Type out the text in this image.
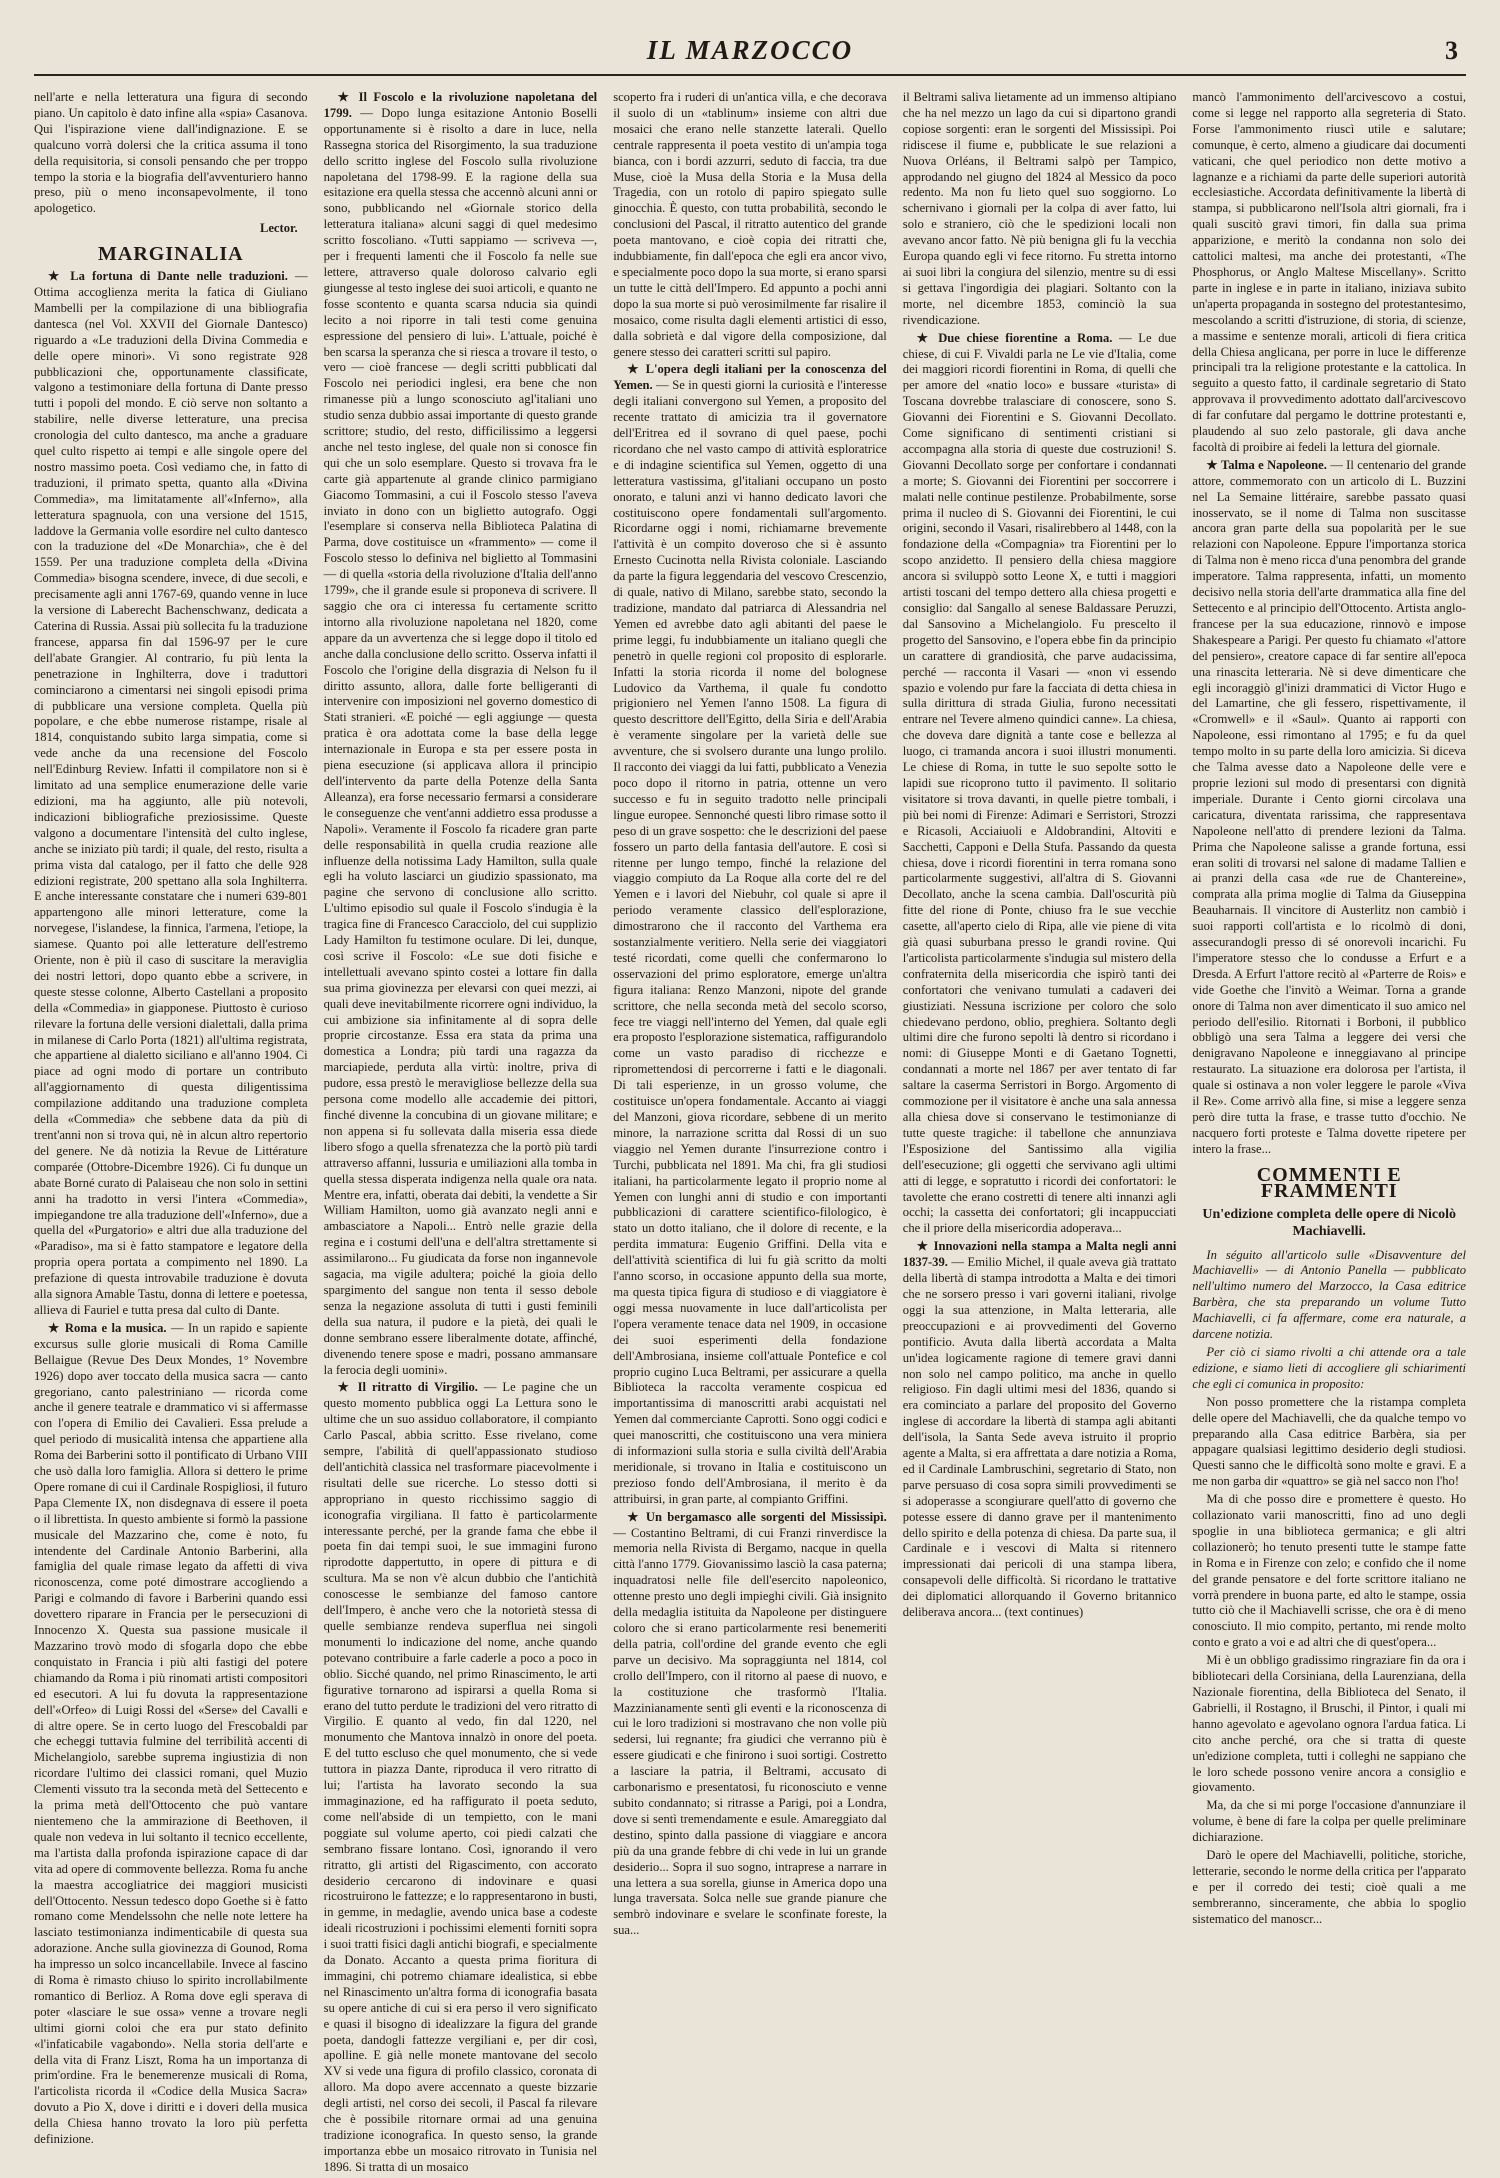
IL MARZOCCO	3

nell'arte e nella letteratura una figura di secondo piano. Un capitolo è dato infine alla «spia» Casanova. Qui l'ispirazione viene dall'indignazione. E se qualcuno vorrà dolersi che la critica assuma il tono della requisitoria, si consoli pensando che per troppo tempo la storia e la biografia dell'avventuriero hanno preso, più o meno inconsapevolmente, il tono apologetico.

Lector.
MARGINALIA

★ La fortuna di Dante nelle traduzioni. — Ottima accoglienza merita la fatica di Giuliano Mambelli per la compilazione di una bibliografia dantesca (nel Vol. XXVII del Giornale Dantesco) riguardo a «Le traduzioni della Divina Commedia e delle opere minori». Vi sono registrate 928 pubblicazioni che, opportunamente classificate, valgono a testimoniare della fortuna di Dante presso tutti i popoli del mondo. E ciò serve non soltanto a stabilire, nelle diverse letterature, una precisa cronologia del culto dantesco, ma anche a graduare quel culto rispetto ai tempi e alle singole opere del nostro massimo poeta. Così vediamo che, in fatto di traduzioni, il primato spetta, quanto alla «Divina Commedia», ma limitatamente all'«Inferno», alla letteratura spagnuola, con una versione del 1515, laddove la Germania volle esordire nel culto dantesco con la traduzione del «De Monarchia», che è del 1559. Per una traduzione completa della «Divina Commedia» bisogna scendere, invece, di due secoli, e precisamente agli anni 1767-69, quando venne in luce la versione di Laberecht Bachenschwanz, dedicata a Caterina di Russia. Assai più sollecita fu la traduzione francese, apparsa fin dal 1596-97 per le cure dell'abate Grangier. Al contrario, fu più lenta la penetrazione in Inghilterra, dove i traduttori cominciarono a cimentarsi nei singoli episodi prima di pubblicare una versione completa. Quella più popolare, e che ebbe numerose ristampe, risale al 1814, conquistando subito larga simpatia, come si vede anche da una recensione del Foscolo nell'Edinburg Review. Infatti il compilatore non si è limitato ad una semplice enumerazione delle varie edizioni, ma ha aggiunto, alle più notevoli, indicazioni bibliografiche preziosissime. Queste valgono a documentare l'intensità del culto inglese, anche se iniziato più tardi; il quale, del resto, risulta a prima vista dal catalogo, per il fatto che delle 928 edizioni registrate, 200 spettano alla sola Inghilterra. E anche interessante constatare che i numeri 639-801 appartengono alle minori letterature, come la norvegese, l'islandese, la finnica, l'armena, l'etiope, la siamese. Quanto poi alle letterature dell'estremo Oriente, non è più il caso di suscitare la meraviglia dei nostri lettori, dopo quanto ebbe a scrivere, in queste stesse colonne, Alberto Castellani a proposito della «Commedia» in giapponese. Piuttosto è curioso rilevare la fortuna delle versioni dialettali, dalla prima in milanese di Carlo Porta (1821) all'ultima registrata, che appartiene al dialetto siciliano e all'anno 1904. Ci piace ad ogni modo di portare un contributo all'aggiornamento di questa diligentissima compilazione additando una traduzione completa della «Commedia» che sebbene data da più di trent'anni non si trova qui, nè in alcun altro repertorio del genere. Ne dà notizia la Revue de Littérature comparée (Ottobre-Dicembre 1926). Ci fu dunque un abate Borné curato di Palaiseau che non solo in settini anni ha tradotto in versi l'intera «Commedia», impiegandone tre alla traduzione dell'«Inferno», due a quella del «Purgatorio» e altri due alla traduzione del «Paradiso», ma si è fatto stampatore e legatore della propria opera portata a compimento nel 1890. La prefazione di questa introvabile traduzione è dovuta alla signora Amable Tastu, donna di lettere e poetessa, allieva di Fauriel e tutta presa dal culto di Dante.

★ Roma e la musica. — In un rapido e sapiente excursus sulle glorie musicali di Roma Camille Bellaigue (Revue Des Deux Mondes, 1° Novembre 1926) dopo aver toccato della musica sacra — canto gregoriano, canto palestriniano — ricorda come anche il genere teatrale e drammatico vi si affermasse con l'opera di Emilio dei Cavalieri. Essa prelude a quel periodo di musicalità intensa che appartiene alla Roma dei Barberini sotto il pontificato di Urbano VIII che usò dalla loro famiglia. Allora si dettero le prime Opere romane di cui il Cardinale Rospigliosi, il futuro Papa Clemente IX, non disdegnava di essere il poeta o il librettista. In questo ambiente si formò la passione musicale del Mazzarino che, come è noto, fu intendente del Cardinale Antonio Barberini, alla famiglia del quale rimase legato da affetti di viva riconoscenza, come poté dimostrare accogliendo a Parigi e colmando di favore i Barberini quando essi dovettero riparare in Francia per le persecuzioni di Innocenzo X. Questa sua passione musicale il Mazzarino trovò modo di sfogarla dopo che ebbe conquistato in Francia i più alti fastigi del potere chiamando da Roma i più rinomati artisti compositori ed esecutori. A lui fu dovuta la rappresentazione dell'«Orfeo» di Luigi Rossi del «Serse» del Cavalli e di altre opere. Se in certo luogo del Frescobaldi par che echeggi tuttavia fulmine del terribilità accenti di Michelangiolo, sarebbe suprema ingiustizia di non ricordare l'ultimo dei classici romani, quel Muzio Clementi vissuto tra la seconda metà del Settecento e la prima metà dell'Ottocento che può vantare nientemeno che la ammirazione di Beethoven, il quale non vedeva in lui soltanto il tecnico eccellente, ma l'artista dalla profonda ispirazione capace di dar vita ad opere di commovente bellezza. Roma fu anche la maestra accogliatrice dei maggiori musicisti dell'Ottocento. Nessun tedesco dopo Goethe si è fatto romano come Mendelssohn che nelle note lettere ha lasciato testimonianza indimenticabile di questa sua adorazione. Anche sulla giovinezza di Gounod, Roma ha impresso un solco incancellabile. Invece al fascino di Roma è rimasto chiuso lo spirito incrollabilmente romantico di Berlioz. A Roma dove egli sperava di poter «lasciare le sue ossa» venne a trovare negli ultimi giorni coloi che era pur stato definito «l'infaticabile vagabondo». Nella storia dell'arte e della vita di Franz Liszt, Roma ha un importanza di prim'ordine. Fra le benemerenze musicali di Roma, l'articolista ricorda il «Codice della Musica Sacra» dovuto a Pio X, dove i diritti e i doveri della musica della Chiesa hanno trovato la loro più perfetta definizione.

★ Il Foscolo e la rivoluzione napoletana del 1799. — Dopo lunga esitazione Antonio Boselli opportunamente si è risolto a dare in luce, nella Rassegna storica del Risorgimento, la sua traduzione dello scritto inglese del Foscolo sulla rivoluzione napoletana del 1798-99. E la ragione della sua esitazione era quella stessa che accennò alcuni anni or sono, pubblicando nel «Giornale storico della letteratura italiana» alcuni saggi di quel medesimo scritto foscoliano. «Tutti sappiamo — scriveva —, per i frequenti lamenti che il Foscolo fa nelle sue lettere, attraverso quale doloroso calvario egli giungesse al testo inglese dei suoi articoli, e quanto ne fosse scontento e quanta scarsa nducia sia quindi lecito a noi riporre in tali testi come genuina espressione del pensiero di lui». L'attuale, poiché è ben scarsa la speranza che si riesca a trovare il testo, o vero — cioè francese — degli scritti pubblicati dal Foscolo nei periodici inglesi, era bene che non rimanesse più a lungo sconosciuto agl'italiani uno studio senza dubbio assai importante di questo grande scrittore; studio, del resto, difficilissimo a leggersi anche nel testo inglese, del quale non si conosce fin qui che un solo esemplare. Questo si trovava fra le carte già appartenute al grande clinico parmigiano Giacomo Tommasini, a cui il Foscolo stesso l'aveva inviato in dono con un biglietto autografo. Oggi l'esemplare si conserva nella Biblioteca Palatina di Parma, dove costituisce un «frammento» — come il Foscolo stesso lo definiva nel biglietto al Tommasini — di quella «storia della rivoluzione d'Italia dell'anno 1799», che il grande esule si proponeva di scrivere. Il saggio che ora ci interessa fu certamente scritto intorno alla rivoluzione napoletana nel 1820, come appare da un avvertenza che si legge dopo il titolo ed anche dalla conclusione dello scritto. Osserva infatti il Foscolo che l'origine della disgrazia di Nelson fu il diritto assunto, allora, dalle forte belligeranti di intervenire con imposizioni nel governo domestico di Stati stranieri. «E poiché — egli aggiunge — questa pratica è ora adottata come la base della legge internazionale in Europa e sta per essere posta in piena esecuzione (si applicava allora il principio dell'intervento da parte della Potenze della Santa Alleanza), era forse necessario fermarsi a considerare le conseguenze che vent'anni addietro essa produsse a Napoli». Veramente il Foscolo fa ricadere gran parte delle responsabilità in quella crudia reazione alle influenze della notissima Lady Hamilton, sulla quale egli ha voluto lasciarci un giudizio spassionato, ma pagine che servono di conclusione allo scritto. L'ultimo episodio sul quale il Foscolo s'indugia è la tragica fine di Francesco Caracciolo, del cui supplizio Lady Hamilton fu testimone oculare. Di lei, dunque, così scrive il Foscolo: «Le sue doti fisiche e intellettuali avevano spinto costei a lottare fin dalla sua prima giovinezza per elevarsi con quei mezzi, ai quali deve inevitabilmente ricorrere ogni individuo, la cui ambizione sia infinitamente al di sopra delle proprie circostanze. Essa era stata da prima una domestica a Londra; più tardi una ragazza da marciapiede, perduta alla virtù: inoltre, priva di pudore, essa prestò le meravigliose bellezze della sua persona come modello alle accademie dei pittori, finché divenne la concubina di un giovane militare; e non appena si fu sollevata dalla miseria essa diede libero sfogo a quella sfrenatezza che la portò più tardi attraverso affanni, lussuria e umiliazioni alla tomba in quella stessa disperata indigenza nella quale ora nata. Mentre era, infatti, oberata dai debiti, la vendette a Sir William Hamilton, uomo già avanzato negli anni e ambasciatore a Napoli... Entrò nelle grazie della regina e i costumi dell'una e dell'altra strettamente si assimilarono... Fu giudicata da forse non ingannevole sagacia, ma vigile adultera; poiché la gioia dello spargimento del sangue non tenta il sesso debole senza la negazione assoluta di tutti i gusti feminili della sua natura, il pudore e la pietà, dei quali le donne sembrano essere liberalmente dotate, affinché, divenendo tenere spose e madri, possano ammansare la ferocia degli uomini».

★ Il ritratto di Virgilio. — Le pagine che un questo momento pubblica oggi La Lettura sono le ultime che un suo assiduo collaboratore, il compianto Carlo Pascal, abbia scritto. Esse rivelano, come sempre, l'abilità di quell'appassionato studioso dell'antichità classica nel trasformare piacevolmente i risultati delle sue ricerche. Lo stesso dotti si appropriano in questo ricchissimo saggio di iconografia virgiliana. Il fatto è particolarmente interessante perché, per la grande fama che ebbe il poeta fin dai tempi suoi, le sue immagini furono riprodotte dappertutto, in opere di pittura e di scultura. Ma se non v'è alcun dubbio che l'antichità conoscesse le sembianze del famoso cantore dell'Impero, è anche vero che la notorietà stessa di quelle sembianze rendeva superflua nei singoli monumenti lo indicazione del nome, anche quando potevano contribuire a farle caderle a poco a poco in oblio. Sicché quando, nel primo Rinascimento, le arti figurative tornarono ad ispirarsi a quella Roma si erano del tutto perdute le tradizioni del vero ritratto di Virgilio. E quanto al vedo, fin dal 1220, nel monumento che Mantova innalzò in onore del poeta. E del tutto escluso che quel monumento, che si vede tuttora in piazza Dante, riproduca il vero ritratto di lui; l'artista ha lavorato secondo la sua immaginazione, ed ha raffigurato il poeta seduto, come nell'abside di un tempietto, con le mani poggiate sul volume aperto, coi piedi calzati che sembrano fissare lontano. Così, ignorando il vero ritratto, gli artisti del Rigascimento, con accorato desiderio cercarono di indovinare e quasi ricostruirono le fattezze; e lo rappresentarono in busti, in gemme, in medaglie, avendo unica base a codeste ideali ricostruzioni i pochissimi elementi forniti sopra i suoi tratti fisici dagli antichi biografi, e specialmente da Donato. Accanto a questa prima fioritura di immagini, chi potremo chiamare idealistica, si ebbe nel Rinascimento un'altra forma di iconografia basata su opere antiche di cui si era perso il vero significato e quasi il bisogno di idealizzare la figura del grande poeta, dandogli fattezze vergiliani e, per dir così, apolline. E già nelle monete mantovane del secolo XV si vede una figura di profilo classico, coronata di alloro. Ma dopo avere accennato a queste bizzarie degli artisti, nel corso dei secoli, il Pascal fa rilevare che è possibile ritornare ormai ad una genuina tradizione iconografica. In questo senso, la grande importanza ebbe un mosaico ritrovato in Tunisia nel 1896. Si tratta di un mosaico

scoperto fra i ruderi di un'antica villa, e che decorava il suolo di un «tablinum» insieme con altri due mosaici che erano nelle stanzette laterali. Quello centrale rappresenta il poeta vestito di un'ampia toga bianca, con i bordi azzurri, seduto di faccia, tra due Muse, cioè la Musa della Storia e la Musa della Tragedia, con un rotolo di papiro spiegato sulle ginocchia. È questo, con tutta probabilità, secondo le conclusioni del Pascal, il ritratto autentico del grande poeta mantovano, e cioè copia dei ritratti che, indubbiamente, fin dall'epoca che egli era ancor vivo, e specialmente poco dopo la sua morte, si erano sparsi un tutte le città dell'Impero. Ed appunto a pochi anni dopo la sua morte si può verosimilmente far risalire il mosaico, come risulta dagli elementi artistici di esso, dalla sobrietà e dal vigore della composizione, dal genere stesso dei caratteri scritti sul papiro.

★ L'opera degli italiani per la conoscenza del Yemen. — Se in questi giorni la curiosità e l'interesse degli italiani convergono sul Yemen, a proposito del recente trattato di amicizia tra il governatore dell'Eritrea ed il sovrano di quel paese, pochi ricordano che nel vasto campo di attività esploratrice e di indagine scientifica sul Yemen, oggetto di una letteratura vastissima, gl'italiani occupano un posto onorato, e taluni anzi vi hanno dedicato lavori che costituiscono opere fondamentali sull'argomento. Ricordarne oggi i nomi, richiamarne brevemente l'attività è un compito doveroso che si è assunto Ernesto Cucinotta nella Rivista coloniale. Lasciando da parte la figura leggendaria del vescovo Crescenzio, di quale, nativo di Milano, sarebbe stato, secondo la tradizione, mandato dal patriarca di Alessandria nel Yemen ed avrebbe dato agli abitanti del paese le prime leggi, fu indubbiamente un italiano quegli che penetrò in quelle regioni col proposito di esplorarle. Infatti la storia ricorda il nome del bolognese Ludovico da Varthema, il quale fu condotto prigioniero nel Yemen l'anno 1508. La figura di questo descrittore dell'Egitto, della Siria e dell'Arabia è veramente singolare per la varietà delle sue avventure, che si svolsero durante una lungo prolilo. Il racconto dei viaggi da lui fatti, pubblicato a Venezia poco dopo il ritorno in patria, ottenne un vero successo e fu in seguito tradotto nelle principali lingue europee. Sennonché questi libro rimase sotto il peso di un grave sospetto: che le descrizioni del paese fossero un parto della fantasia dell'autore. E così si ritenne per lungo tempo, finché la relazione del viaggio compiuto da La Roque alla corte del re del Yemen e i lavori del Niebuhr, col quale si apre il periodo veramente classico dell'esplorazione, dimostrarono che il racconto del Varthema era sostanzialmente veritiero. Nella serie dei viaggiatori testé ricordati, come quelli che confermarono lo osservazioni del primo esploratore, emerge un'altra figura italiana: Renzo Manzoni, nipote del grande scrittore, che nella seconda metà del secolo scorso, fece tre viaggi nell'interno del Yemen, dal quale egli era proposto l'esplorazione sistematica, raffigurandolo come un vasto paradiso di ricchezze e ripromettendosi di percorrerne i fatti e le diagonali. Di tali esperienze, in un grosso volume, che costituisce un'opera fondamentale. Accanto ai viaggi del Manzoni, giova ricordare, sebbene di un merito minore, la narrazione scritta dal Rossi di un suo viaggio nel Yemen durante l'insurrezione contro i Turchi, pubblicata nel 1891. Ma chi, fra gli studiosi italiani, ha particolarmente legato il proprio nome al Yemen con lunghi anni di studio e con importanti pubblicazioni di carattere scientifico-filologico, è stato un dotto italiano, che il dolore di recente, e la perdita immatura: Eugenio Griffini. Della vita e dell'attività scientifica di lui fu già scritto da molti l'anno scorso, in occasione appunto della sua morte, ma questa tipica figura di studioso e di viaggiatore è oggi messa nuovamente in luce dall'articolista per l'opera veramente tenace data nel 1909, in occasione dei suoi esperimenti della fondazione dell'Ambrosiana, insieme coll'attuale Pontefice e col proprio cugino Luca Beltrami, per assicurare a quella Biblioteca la raccolta veramente cospicua ed importantissima di manoscritti arabi acquistati nel Yemen dal commerciante Caprotti. Sono oggi codici e quei manoscritti, che costituiscono una vera miniera di informazioni sulla storia e sulla civiltà dell'Arabia meridionale, si trovano in Italia e costituiscono un prezioso fondo dell'Ambrosiana, il merito è da attribuirsi, in gran parte, al compianto Griffini.

★ Un bergamasco alle sorgenti del Mississipì. — Costantino Beltrami, di cui Franzi rinverdisce la memoria nella Rivista di Bergamo, nacque in quella città l'anno 1779. Giovanissimo lasciò la casa paterna; inquadratosi nelle file dell'esercito napoleonico, ottenne presto uno degli impieghi civili. Già insignito della medaglia istituita da Napoleone per distinguere coloro che si erano particolarmente resi benemeriti della patria, coll'ordine del grande evento che egli parve un decisivo. Ma sopraggiunta nel 1814, col crollo dell'Impero, con il ritorno al paese di nuovo, e la costituzione che trasformò l'Italia. Mazzinianamente sentì gli eventi e la riconoscenza di cui le loro tradizioni si mostravano che non volle più sedersi, lui regnante; fra giudici che verranno più è essere giudicati e che finirono i suoi sortigi. Costretto a lasciare la patria, il Beltrami, accusato di carbonarismo e presentatosi, fu riconosciuto e venne subito condannato; si ritrasse a Parigi, poi a Londra, dove si sentì tremendamente e esule. Amareggiato dal destino, spinto dalla passione di viaggiare e ancora più da una grande febbre di chi vede in lui un grande desiderio... Sopra il suo sogno, intraprese a narrare in una lettera a sua sorella, giunse in America dopo una lunga traversata. Solca nelle sue grande pianure che sembrò indovinare e svelare le sconfinate foreste, la sua...

il Beltrami saliva lietamente ad un immenso altipiano che ha nel mezzo un lago da cui si dipartono grandi copiose sorgenti: eran le sorgenti del Mississipì. Poi ridiscese il fiume e, pubblicate le sue relazioni a Nuova Orléans, il Beltrami salpò per Tampico, approdando nel giugno del 1824 al Messico da poco redento. Ma non fu lieto quel suo soggiorno. Lo schernivano i giornali per la colpa di aver fatto, lui solo e straniero, ciò che le spedizioni locali non avevano ancor fatto. Nè più benigna gli fu la vecchia Europa quando egli vi fece ritorno. Fu stretta intorno ai suoi libri la congiura del silenzio, mentre su di essi si gettava l'ingordigia dei plagiari. Soltanto con la morte, nel dicembre 1853, cominciò la sua rivendicazione.

★ Due chiese fiorentine a Roma. — Le due chiese, di cui F. Vivaldi parla ne Le vie d'Italia, come dei maggiori ricordi fiorentini in Roma, di quelli che per amore del «natio loco» e bussare «turista» di Toscana dovrebbe tralasciare di conoscere, sono S. Giovanni dei Fiorentini e S. Giovanni Decollato. Come significano di sentimenti cristiani si accompagna alla storia di queste due costruzioni! S. Giovanni Decollato sorge per confortare i condannati a morte; S. Giovanni dei Fiorentini per soccorrere i malati nelle continue pestilenze. Probabilmente, sorse prima il nucleo di S. Giovanni dei Fiorentini, le cui origini, secondo il Vasari, risalirebbero al 1448, con la fondazione della «Compagnia» tra Fiorentini per lo scopo anzidetto. Il pensiero della chiesa maggiore ancora si sviluppò sotto Leone X, e tutti i maggiori artisti toscani del tempo dettero alla chiesa progetti e consiglio: dal Sangallo al senese Baldassare Peruzzi, dal Sansovino a Michelangiolo. Fu prescelto il progetto del Sansovino, e l'opera ebbe fin da principio un carattere di grandiosità, che parve audacissima, perché — racconta il Vasari — «non vi essendo spazio e volendo pur fare la facciata di detta chiesa in sulla dirittura di strada Giulia, furono necessitati entrare nel Tevere almeno quindici canne». La chiesa, che doveva dare dignità a tante cose e bellezza al luogo, ci tramanda ancora i suoi illustri monumenti. Le chiese di Roma, in tutte le suo sepolte sotto le lapidi sue ricoprono tutto il pavimento. Il solitario visitatore si trova davanti, in quelle pietre tombali, i più bei nomi di Firenze: Adimari e Serristori, Strozzi e Ricasoli, Acciaiuoli e Aldobrandini, Altoviti e Sacchetti, Capponi e Della Stufa. Passando da questa chiesa, dove i ricordi fiorentini in terra romana sono particolarmente suggestivi, all'altra di S. Giovanni Decollato, anche la scena cambia. Dall'oscurità più fitte del rione di Ponte, chiuso fra le sue vecchie casette, all'aperto cielo di Ripa, alle vie piene di vita già quasi suburbana presso le grandi rovine. Qui l'articolista particolarmente s'indugia sul mistero della confraternita della misericordia che ispirò tanti dei confortatori che venivano tumulati a cadaveri dei giustiziati. Nessuna iscrizione per coloro che solo chiedevano perdono, oblio, preghiera. Soltanto degli ultimi dire che furono sepolti là dentro si ricordano i nomi: di Giuseppe Monti e di Gaetano Tognetti, condannati a morte nel 1867 per aver tentato di far saltare la caserma Serristori in Borgo. Argomento di commozione per il visitatore è anche una sala annessa alla chiesa dove si conservano le testimonianze di tutte queste tragiche: il tabellone che annunziava l'Esposizione del Santissimo alla vigilia dell'esecuzione; gli oggetti che servivano agli ultimi atti di legge, e sopratutto i ricordi dei confortatori: le tavolette che erano costretti di tenere alti innanzi agli occhi; la cassetta dei confortatori; gli incappucciati che il priore della misericordia adoperava...

★ Innovazioni nella stampa a Malta negli anni 1837-39. — Emilio Michel, il quale aveva già trattato della libertà di stampa introdotta a Malta e dei timori che ne sorsero presso i vari governi italiani, rivolge oggi la sua attenzione, in Malta letteraria, alle preoccupazioni e ai provvedimenti del Governo pontificio. Avuta dalla libertà accordata a Malta un'idea logicamente ragione di temere gravi danni non solo nel campo politico, ma anche in quello religioso. Fin dagli ultimi mesi del 1836, quando si era cominciato a parlare del proposito del Governo inglese di accordare la libertà di stampa agli abitanti dell'isola, la Santa Sede aveva istruito il proprio agente a Malta, si era affrettata a dare notizia a Roma, ed il Cardinale Lambruschini, segretario di Stato, non parve persuaso di cosa sopra simili provvedimenti se si adoperasse a scongiurare quell'atto di governo che potesse essere di danno grave per il mantenimento dello spirito e della potenza di chiesa. Da parte sua, il Cardinale e i vescovi di Malta si ritennero impressionati dai pericoli di una stampa libera, consapevoli delle difficoltà. Si ricordano le trattative dei diplomatici allorquando il Governo britannico deliberava ancora... (text continues)

mancò l'ammonimento dell'arcivescovo a costui, come si legge nel rapporto alla segreteria di Stato. Forse l'ammonimento riuscì utile e salutare; comunque, è certo, almeno a giudicare dai documenti vaticani, che quel periodico non dette motivo a lagnanze e a richiami da parte delle superiori autorità ecclesiastiche. Accordata definitivamente la libertà di stampa, si pubblicarono nell'Isola altri giornali, fra i quali suscitò gravi timori, fin dalla sua prima apparizione, e meritò la condanna non solo dei cattolici maltesi, ma anche dei protestanti, «The Phosphorus, or Anglo Maltese Miscellany». Scritto parte in inglese e in parte in italiano, iniziava subito un'aperta propaganda in sostegno del protestantesimo, mescolando a scritti d'istruzione, di storia, di scienze, a massime e sentenze morali, articoli di fiera critica della Chiesa anglicana, per porre in luce le differenze principali tra la religione protestante e la cattolica. In seguito a questo fatto, il cardinale segretario di Stato approvava il provvedimento adottato dall'arcivescovo di far confutare dal pergamo le dottrine protestanti e, plaudendo al suo zelo pastorale, gli dava anche facoltà di proibire ai fedeli la lettura del giornale.

★ Talma e Napoleone. — Il centenario del grande attore, commemorato con un articolo di L. Buzzini nel La Semaine littéraire, sarebbe passato quasi inosservato, se il nome di Talma non suscitasse ancora gran parte della sua popolarità per le sue relazioni con Napoleone. Eppure l'importanza storica di Talma non è meno ricca d'una penombra del grande imperatore. Talma rappresenta, infatti, un momento decisivo nella storia dell'arte drammatica alla fine del Settecento e al principio dell'Ottocento. Artista anglo-francese per la sua educazione, rinnovò e impose Shakespeare a Parigi. Per questo fu chiamato «l'attore del pensiero», creatore capace di far sentire all'epoca una rinascita letteraria. Nè si deve dimenticare che egli incoraggiò gl'inizi drammatici di Victor Hugo e del Lamartine, che gli fessero, rispettivamente, il «Cromwell» e il «Saul». Quanto ai rapporti con Napoleone, essi rimontano al 1795; e fu da quel tempo molto in su parte della loro amicizia. Si diceva che Talma avesse dato a Napoleone delle vere e proprie lezioni sul modo di presentarsi con dignità imperiale. Durante i Cento giorni circolava una caricatura, diventata rarissima, che rappresentava Napoleone nell'atto di prendere lezioni da Talma. Prima che Napoleone salisse a grande fortuna, essi eran soliti di trovarsi nel salone di madame Tallien e ai pranzi della casa «de rue de Chantereine», comprata alla prima moglie di Talma da Giuseppina Beauharnais. Il vincitore di Austerlitz non cambiò i suoi rapporti coll'artista e lo ricolmò di doni, assecurandogli presso di sé onorevoli incarichi. Fu l'imperatore stesso che lo condusse a Erfurt e a Dresda. A Erfurt l'attore recitò al «Parterre de Rois» e vide Goethe che l'invitò a Weimar. Torna a grande onore di Talma non aver dimenticato il suo amico nel periodo dell'esilio. Ritornati i Borboni, il pubblico obbligò una sera Talma a leggere dei versi che denigravano Napoleone e inneggiavano al principe restaurato. La situazione era dolorosa per l'artista, il quale si ostinava a non voler leggere le parole «Viva il Re». Come arrivò alla fine, si mise a leggere senza però dire tutta la frase, e trasse tutto d'occhio. Ne nacquero forti proteste e Talma dovette ripetere per intero la frase...

COMMENTI E FRAMMENTI
Un'edizione completa delle opere di Nicolò Machiavelli.

In séguito all'articolo sulle «Disavventure del Machiavelli» — di Antonio Panella — pubblicato nell'ultimo numero del Marzocco, la Casa editrice Barbèra, che sta preparando un volume Tutto Machiavelli, ci fa affermare, come era naturale, a darcene notizia.

Per ciò ci siamo rivolti a chi attende ora a tale edizione, e siamo lieti di accogliere gli schiarimenti che egli ci comunica in proposito:

Non posso promettere che la ristampa completa delle opere del Machiavelli, che da qualche tempo vo preparando alla Casa editrice Barbèra, sia per appagare qualsiasi legittimo desiderio degli studiosi. Questi sanno che le difficoltà sono molte e gravi. E a me non garba dir «quattro» se già nel sacco non l'ho!

Ma di che posso dire e promettere è questo. Ho collazionato varii manoscritti, fino ad uno degli spoglie in una biblioteca germanica; e gli altri collazionerò; ho tenuto presenti tutte le stampe fatte in Roma e in Firenze con zelo; e confido che il nome del grande pensatore e del forte scrittore italiano ne vorrà prendere in buona parte, ed alto le stampe, ossia tutto ciò che il Machiavelli scrisse, che ora è di meno conosciuto. Il mio compito, pertanto, mi rende molto conto e grato a voi e ad altri che di quest'opera...

Mi è un obbligo gradissimo ringraziare fin da ora i bibliotecari della Corsiniana, della Laurenziana, della Nazionale fiorentina, della Biblioteca del Senato, il Gabrielli, il Rostagno, il Bruschi, il Pintor, i quali mi hanno agevolato e agevolano ognora l'ardua fatica. Li cito anche perché, ora che si tratta di queste un'edizione completa, tutti i colleghi ne sappiano che le loro schede possono venire ancora a consiglio e giovamento.

Ma, da che si mi porge l'occasione d'annunziare il volume, è bene di fare la colpa per quelle preliminare dichiarazione.

Darò le opere del Machiavelli, politiche, storiche, letterarie, secondo le norme della critica per l'apparato e per il corredo dei testi; cioè quali a me sembreranno, sinceramente, che abbia lo spoglio sistematico del manoscr...
